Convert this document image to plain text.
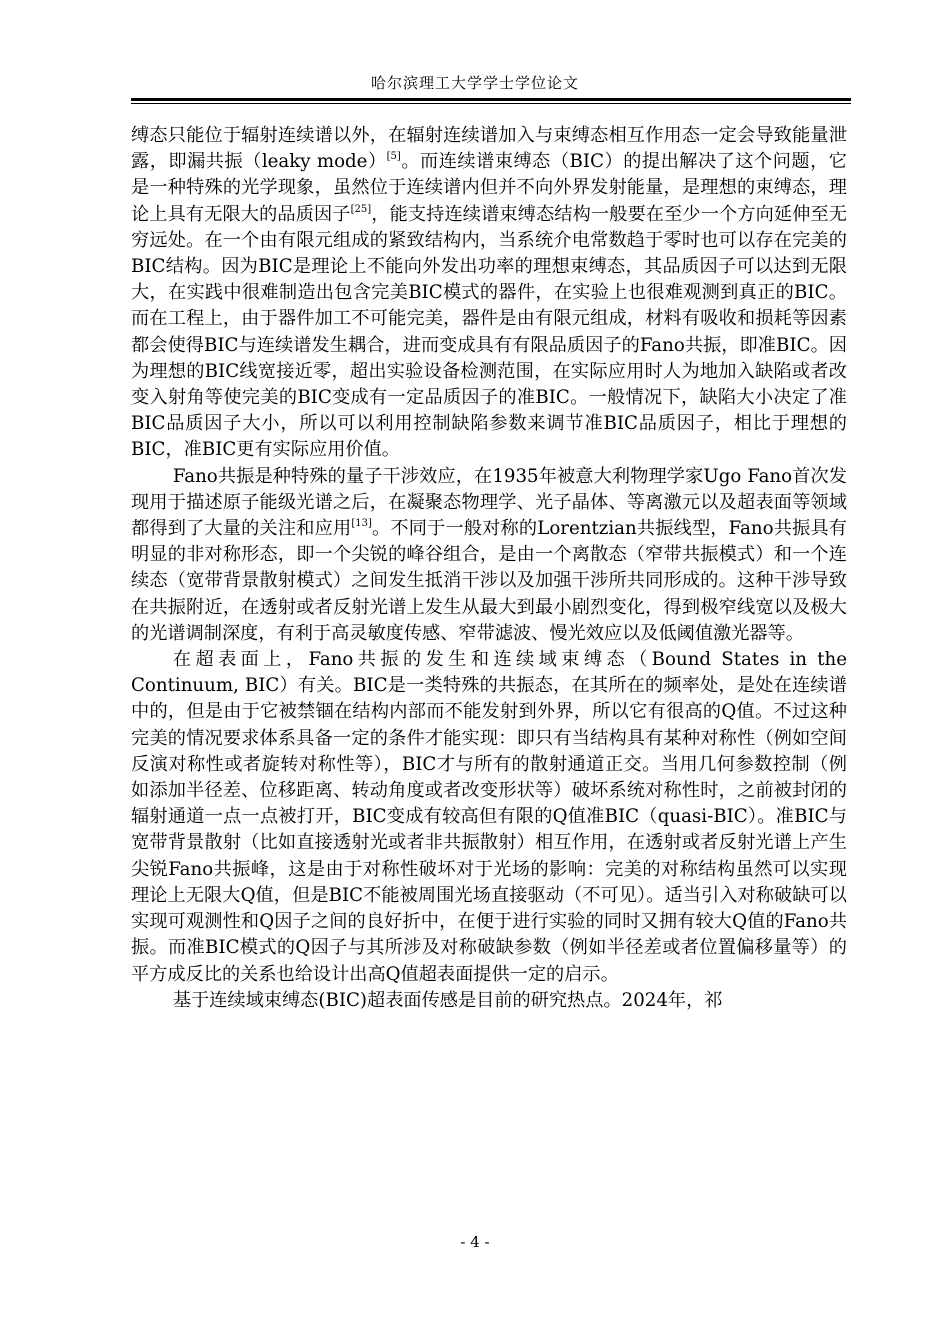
哈尔滨理工大学学士学位论文

缚态只能位于辐射连续谱以外，在辐射连续谱加入与束缚态相互作用态一定会导致能量泄露，即漏共振（leaky mode）[5]。而连续谱束缚态（BIC）的提出解决了这个问题，它是一种特殊的光学现象，虽然位于连续谱内但并不向外界发射能量，是理想的束缚态，理论上具有无限大的品质因子[25]，能支持连续谱束缚态结构一般要在至少一个方向延伸至无穷远处。在一个由有限元组成的紧致结构内，当系统介电常数趋于零时也可以存在完美的BIC结构。因为BIC是理论上不能向外发出功率的理想束缚态，其品质因子可以达到无限大，在实践中很难制造出包含完美BIC模式的器件，在实验上也很难观测到真正的BIC。而在工程上，由于器件加工不可能完美，器件是由有限元组成，材料有吸收和损耗等因素都会使得BIC与连续谱发生耦合，进而变成具有有限品质因子的Fano共振，即准BIC。因为理想的BIC线宽接近零，超出实验设备检测范围，在实际应用时人为地加入缺陷或者改变入射角等使完美的BIC变成有一定品质因子的准BIC。一般情况下，缺陷大小决定了准BIC品质因子大小，所以可以利用控制缺陷参数来调节准BIC品质因子，相比于理想的BIC，准BIC更有实际应用价值。

Fano共振是种特殊的量子干涉效应，在1935年被意大利物理学家Ugo Fano首次发现用于描述原子能级光谱之后，在凝聚态物理学、光子晶体、等离激元以及超表面等领域都得到了大量的关注和应用[13]。不同于一般对称的Lorentzian共振线型，Fano共振具有明显的非对称形态，即一个尖锐的峰谷组合，是由一个离散态（窄带共振模式）和一个连续态（宽带背景散射模式）之间发生抵消干涉以及加强干涉所共同形成的。这种干涉导致在共振附近，在透射或者反射光谱上发生从最大到最小剧烈变化，得到极窄线宽以及极大的光谱调制深度，有利于高灵敏度传感、窄带滤波、慢光效应以及低阈值激光器等。

在超表面上，Fano共振的发生和连续域束缚态（Bound States in the Continuum, BIC）有关。BIC是一类特殊的共振态，在其所在的频率处，是处在连续谱中的，但是由于它被禁锢在结构内部而不能发射到外界，所以它有很高的Q值。不过这种完美的情况要求体系具备一定的条件才能实现：即只有当结构具有某种对称性（例如空间反演对称性或者旋转对称性等），BIC才与所有的散射通道正交。当用几何参数控制（例如添加半径差、位移距离、转动角度或者改变形状等）破坏系统对称性时，之前被封闭的辐射通道一点一点被打开，BIC变成有较高但有限的Q值准BIC（quasi-BIC）。准BIC与宽带背景散射（比如直接透射光或者非共振散射）相互作用，在透射或者反射光谱上产生尖锐Fano共振峰，这是由于对称性破坏对于光场的影响：完美的对称结构虽然可以实现理论上无限大Q值，但是BIC不能被周围光场直接驱动（不可见）。适当引入对称破缺可以实现可观测性和Q因子之间的良好折中，在便于进行实验的同时又拥有较大Q值的Fano共振。而准BIC模式的Q因子与其所涉及对称破缺参数（例如半径差或者位置偏移量等）的平方成反比的关系也给设计出高Q值超表面提供一定的启示。

基于连续域束缚态(BIC)超表面传感是目前的研究热点。2024年，祁

- 4 -
